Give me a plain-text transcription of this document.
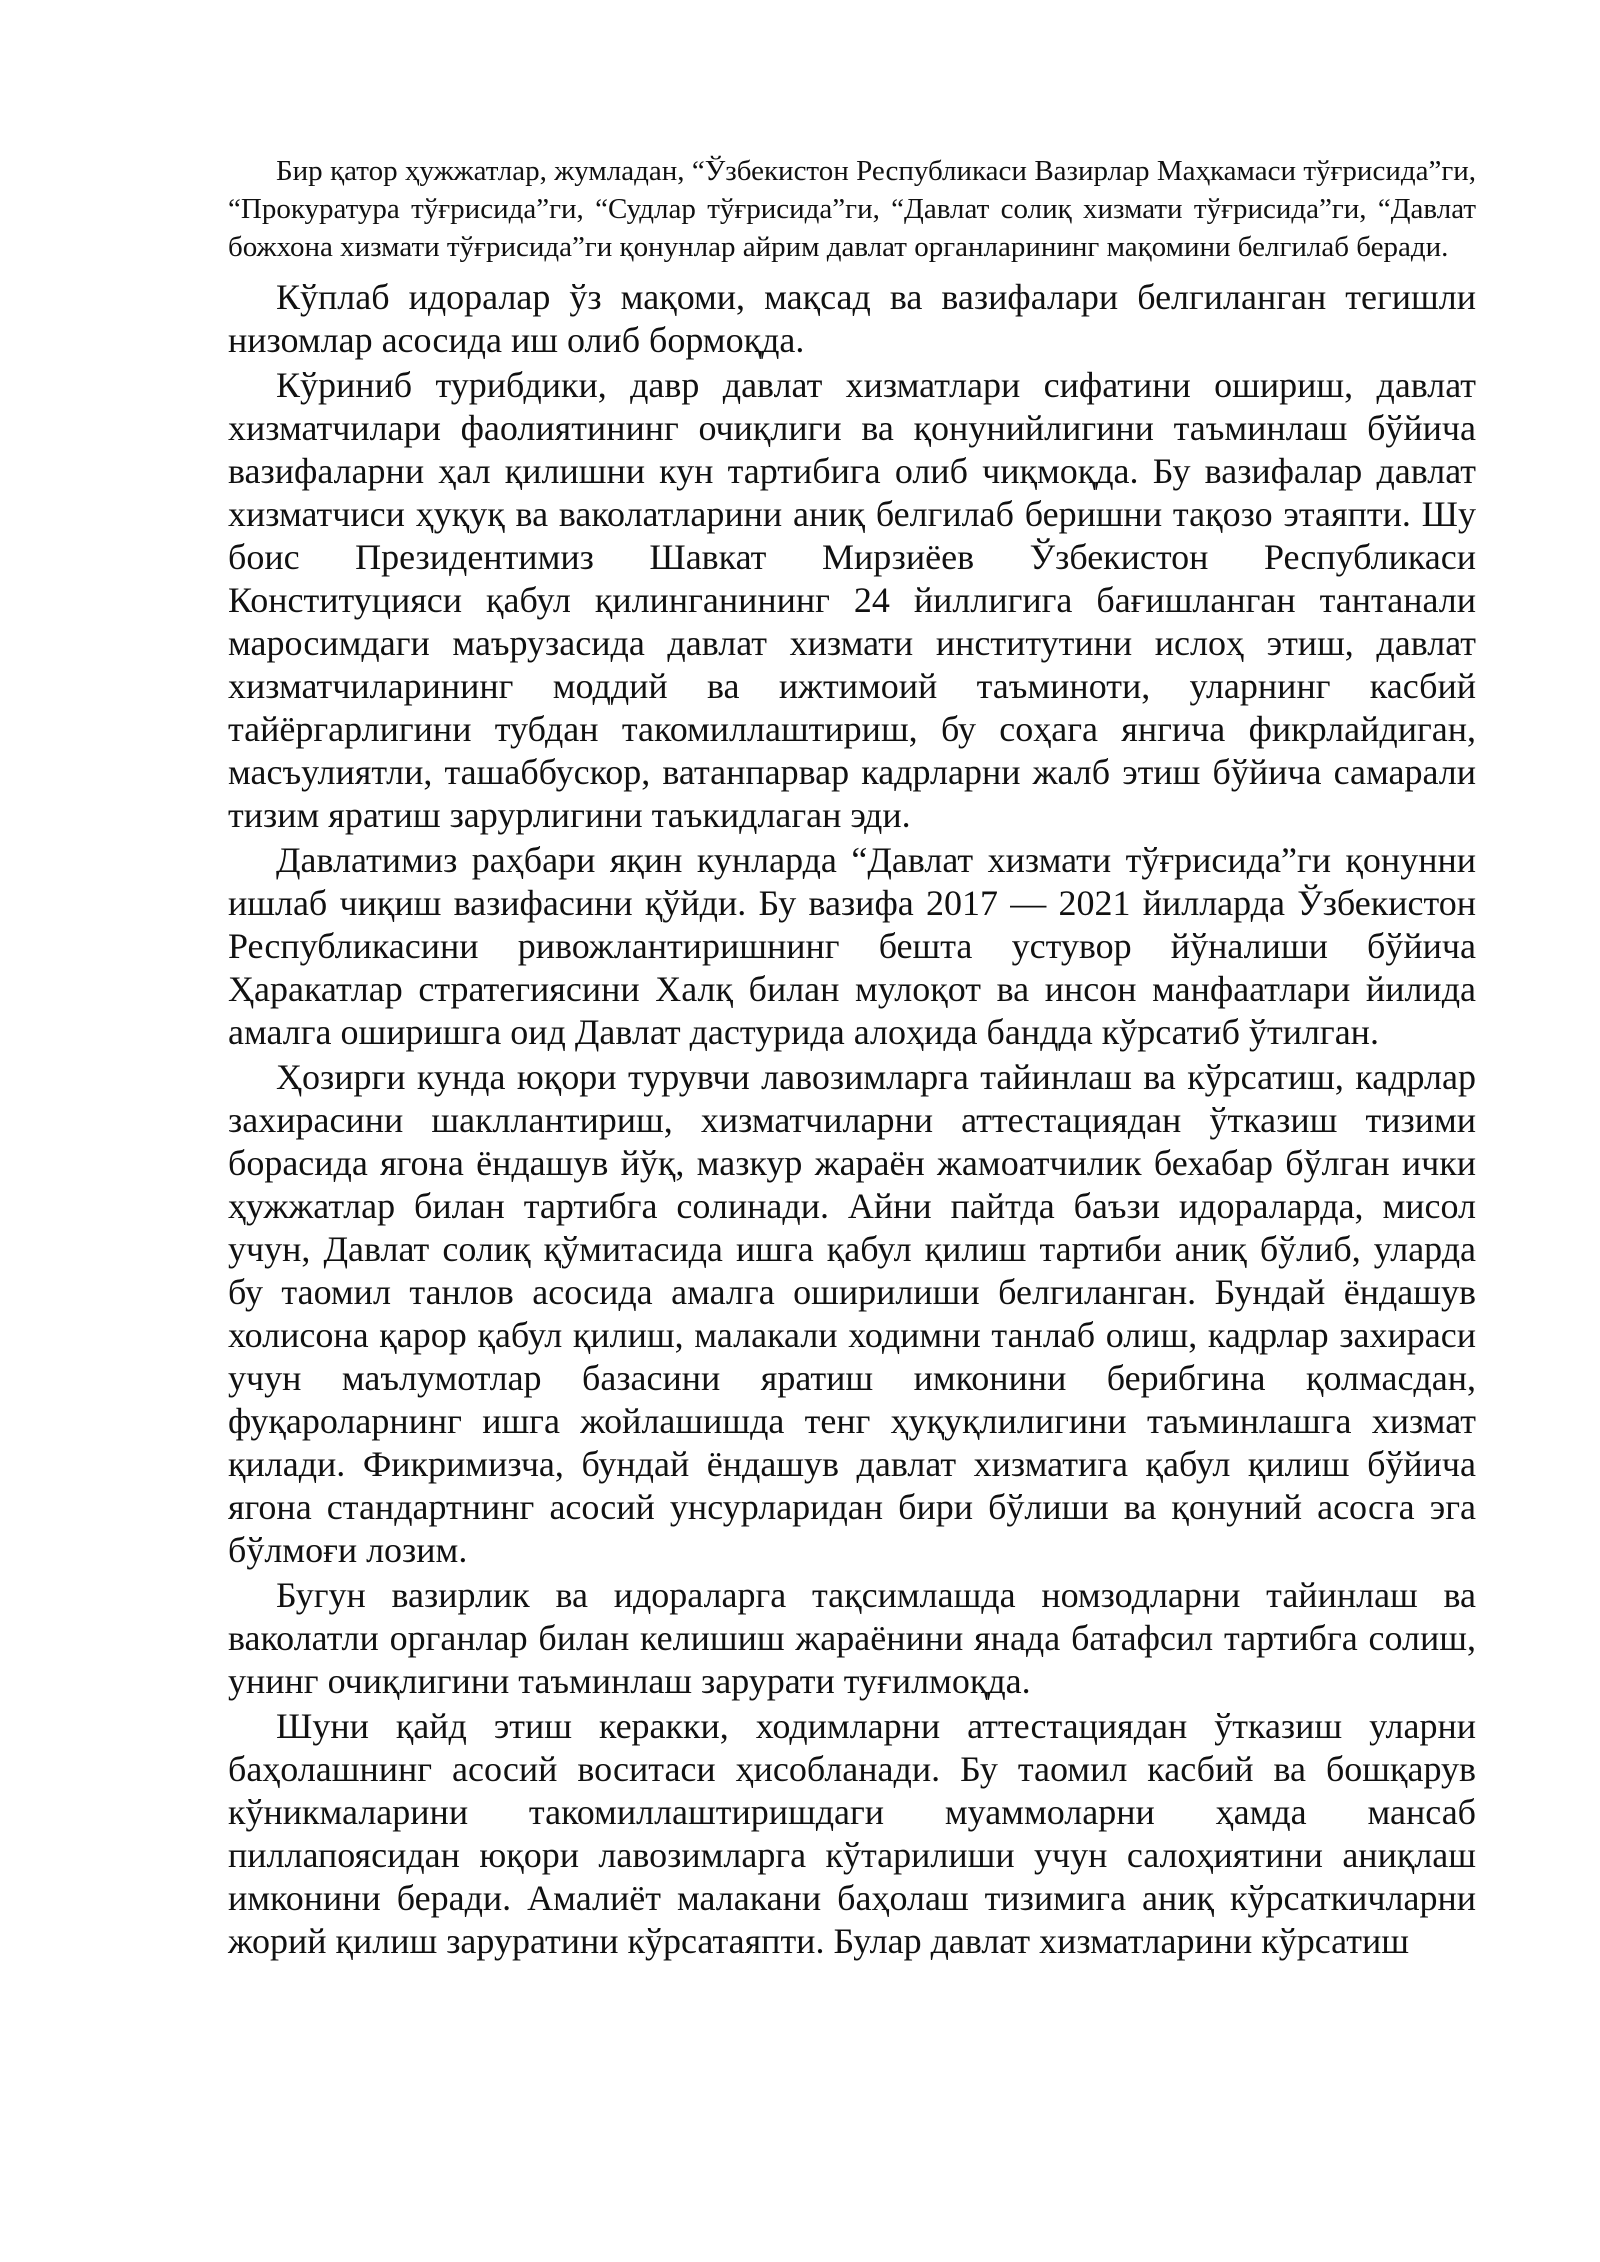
Бир қатор ҳужжатлар, жумладан, “Ўзбекистон Республикаси Вазирлар Маҳкамаси тўғрисида”ги, “Прокуратура тўғрисида”ги, “Судлар тўғрисида”ги, “Давлат солиқ хизмати тўғрисида”ги, “Давлат божхона хизмати тўғрисида”ги қонунлар айрим давлат органларининг мақомини белгилаб беради.

Кўплаб идоралар ўз мақоми, мақсад ва вазифалари белгиланган тегишли низомлар асосида иш олиб бормоқда.

Кўриниб турибдики, давр давлат хизматлари сифатини ошириш, давлат хизматчилари фаолиятининг очиқлиги ва қонунийлигини таъминлаш бўйича вазифаларни ҳал қилишни кун тартибига олиб чиқмоқда. Бу вазифалар давлат хизматчиси ҳуқуқ ва ваколатларини аниқ белгилаб беришни тақозо этаяпти. Шу боис Президентимиз Шавкат Мирзиёев Ўзбекистон Республикаси Конституцияси қабул қилинганининг 24 йиллигига бағишланган тантанали маросимдаги маърузасида давлат хизмати институтини ислоҳ этиш, давлат хизматчиларининг моддий ва ижтимоий таъминоти, уларнинг касбий тайёргарлигини тубдан такомиллаштириш, бу соҳага янгича фикрлайдиган, масъулиятли, ташаббускор, ватанпарвар кадрларни жалб этиш бўйича самарали тизим яратиш зарурлигини таъкидлаган эди.

Давлатимиз раҳбари яқин кунларда “Давлат хизмати тўғрисида”ги қонунни ишлаб чиқиш вазифасини қўйди. Бу вазифа 2017 — 2021 йилларда Ўзбекистон Республикасини ривожлантиришнинг бешта устувор йўналиши бўйича Ҳаракатлар стратегиясини Халқ билан мулоқот ва инсон манфаатлари йилида амалга оширишга оид Давлат дастурида алоҳида бандда кўрсатиб ўтилган.

Ҳозирги кунда юқори турувчи лавозимларга тайинлаш ва кўрсатиш, кадрлар захирасини шакллантириш, хизматчиларни аттестациядан ўтказиш тизими борасида ягона ёндашув йўқ, мазкур жараён жамоатчилик бехабар бўлган ички ҳужжатлар билан тартибга солинади. Айни пайтда баъзи идораларда, мисол учун, Давлат солиқ қўмитасида ишга қабул қилиш тартиби аниқ бўлиб, уларда бу таомил танлов асосида амалга оширилиши белгиланган. Бундай ёндашув холисона қарор қабул қилиш, малакали ходимни танлаб олиш, кадрлар захираси учун маълумотлар базасини яратиш имконини берибгина қолмасдан, фуқароларнинг ишга жойлашишда тенг ҳуқуқлилигини таъминлашга хизмат қилади. Фикримизча, бундай ёндашув давлат хизматига қабул қилиш бўйича ягона стандартнинг асосий унсурларидан бири бўлиши ва қонуний асосга эга бўлмоғи лозим.

Бугун вазирлик ва идораларга тақсимлашда номзодларни тайинлаш ва ваколатли органлар билан келишиш жараёнини янада батафсил тартибга солиш, унинг очиқлигини таъминлаш зарурати туғилмоқда.

Шуни қайд этиш керакки, ходимларни аттестациядан ўтказиш уларни баҳолашнинг асосий воситаси ҳисобланади. Бу таомил касбий ва бошқарув кўникмаларини такомиллаштиришдаги муаммоларни ҳамда мансаб пиллапоясидан юқори лавозимларга кўтарилиши учун салоҳиятини аниқлаш имконини беради. Амалиёт малакани баҳолаш тизимига аниқ кўрсаткичларни жорий қилиш заруратини кўрсатаяпти. Булар давлат хизматларини кўрсатиш
